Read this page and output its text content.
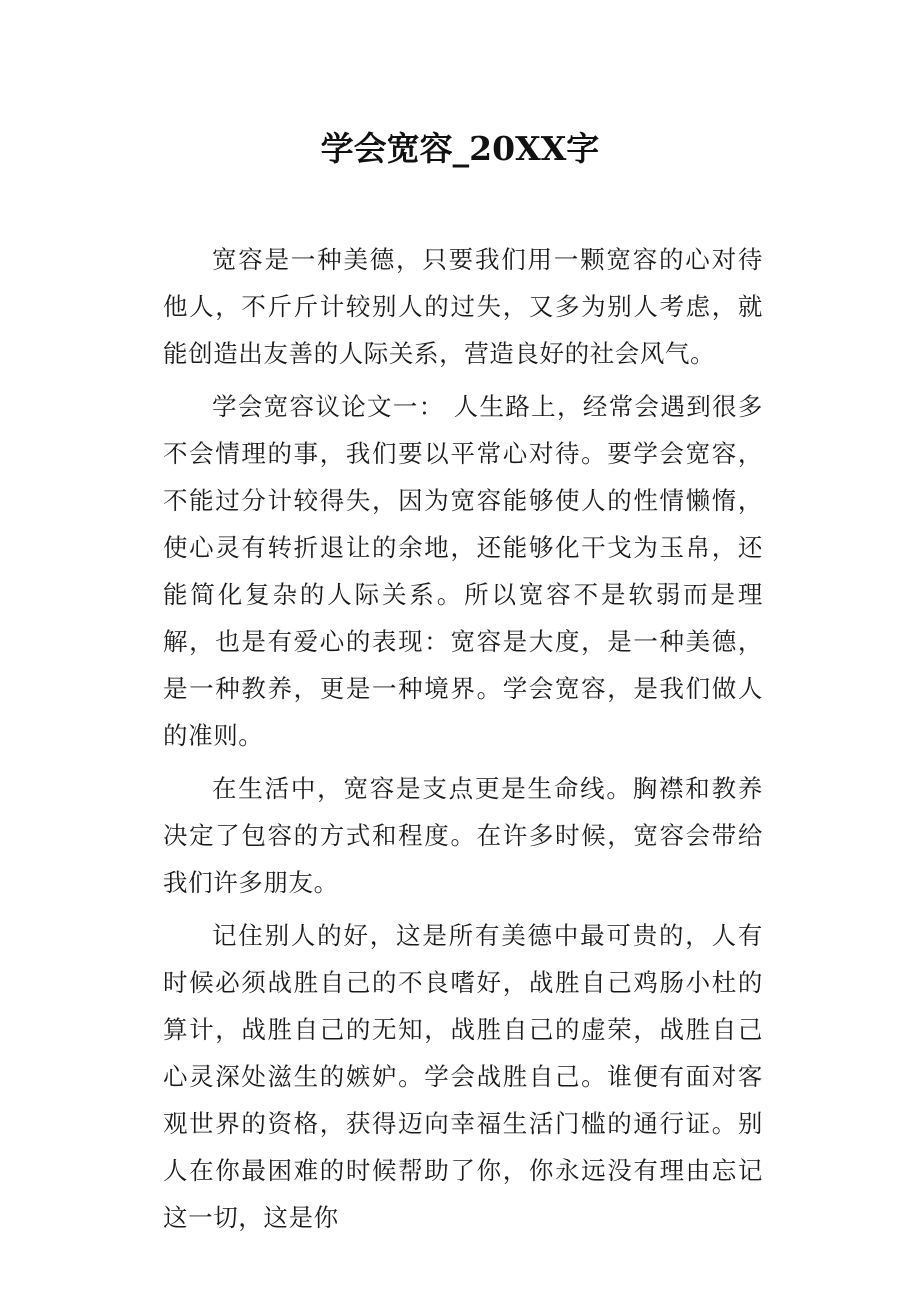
学会宽容_20XX字

宽容是一种美德，只要我们用一颗宽容的心对待他人，不斤斤计较别人的过失，又多为别人考虑，就能创造出友善的人际关系，营造良好的社会风气。

学会宽容议论文一： 人生路上，经常会遇到很多不会情理的事，我们要以平常心对待。要学会宽容，不能过分计较得失，因为宽容能够使人的性情懒惰，使心灵有转折退让的余地，还能够化干戈为玉帛，还能简化复杂的人际关系。所以宽容不是软弱而是理解，也是有爱心的表现：宽容是大度，是一种美德，是一种教养，更是一种境界。学会宽容，是我们做人的准则。

在生活中，宽容是支点更是生命线。胸襟和教养决定了包容的方式和程度。在许多时候，宽容会带给我们许多朋友。

记住别人的好，这是所有美德中最可贵的，人有时候必须战胜自己的不良嗜好，战胜自己鸡肠小杜的算计，战胜自己的无知，战胜自己的虚荣，战胜自己心灵深处滋生的嫉妒。学会战胜自己。谁便有面对客观世界的资格，获得迈向幸福生活门槛的通行证。别人在你最困难的时候帮助了你，你永远没有理由忘记这一切，这是你
